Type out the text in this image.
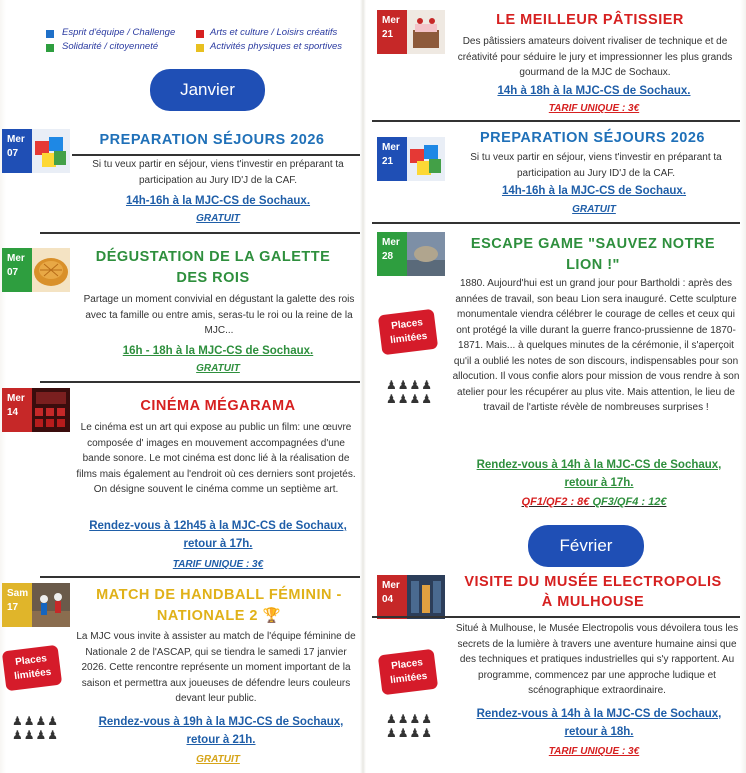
Esprit d'équipe / Challenge
Solidarité / citoyenneté
Arts et culture / Loisirs créatifs
Activités physiques et sportives
Janvier
Mer
07
PREPARATION SÉJOURS 2026
Si tu veux partir en séjour, viens t'investir en préparant ta participation au Jury ID'J de la CAF.
14h-16h à la MJC-CS de Sochaux.
GRATUIT
Mer
07
DÉGUSTATION DE LA GALETTE DES ROIS
Partage un moment convivial en dégustant la galette des rois avec ta famille ou entre amis, seras-tu le roi ou la reine de la MJC...
16h - 18h à la MJC-CS de Sochaux.
GRATUIT
Mer
14	CINÉMA MÉGARAMA
Le cinéma est un art qui expose au public un film: une œuvre composée d' images en mouvement accompagnées d'une bande sonore. Le mot cinéma est donc lié à la réalisation de films mais également au l'endroit où ces derniers sont projetés. On désigne souvent le cinéma comme un septième art.
Rendez-vous à 12h45 à la MJC-CS de Sochaux, retour à 17h.
TARIF UNIQUE : 3€
Sam
17
MATCH DE HANDBALL FÉMININ - NATIONALE 2 🏆
La MJC vous invite à assister au match de l'équipe féminine de Nationale 2 de l'ASCAP, qui se tiendra le samedi 17 janvier 2026. Cette rencontre représente un moment important de la saison et permettra aux joueuses de défendre leurs couleurs devant leur public.
Places limitées
♟♟♟♟
♟♟♟♟
Rendez-vous à 19h à la MJC-CS de Sochaux, retour à 21h.
GRATUIT
Mer
21
LE MEILLEUR PÂTISSIER
Des pâtissiers amateurs doivent rivaliser de technique et de créativité pour séduire le jury et impressionner les plus grands gourmand de la MJC de Sochaux.
14h à 18h à la MJC-CS de Sochaux.
TARIF UNIQUE : 3€
Mer
21
PREPARATION SÉJOURS 2026
Si tu veux partir en séjour, viens t'investir en préparant ta participation au Jury ID'J de la CAF.
14h-16h à la MJC-CS de Sochaux.
GRATUIT
Mer
28
ESCAPE GAME "SAUVEZ NOTRE LION !"
1880. Aujourd'hui est un grand jour pour Bartholdi : après des années de travail, son beau Lion sera inauguré. Cette sculpture monumentale viendra célébrer le courage de celles et ceux qui ont protégé la ville durant la guerre franco-prussienne de 1870-1871. Mais... à quelques minutes de la cérémonie, il s'aperçoit qu'il a oublié les notes de son discours, indispensables pour son allocution. Il vous confie alors pour mission de vous rendre à son atelier pour les récupérer au plus vite. Mais attention, le lieu de travail de l'artiste révèle de nombreuses surprises !
Places limitées
♟♟♟♟
♟♟♟♟
Rendez-vous à 14h à la MJC-CS de Sochaux, retour à 17h.
QF1/QF2 : 8€ QF3/QF4 : 12€
Février
Mer
04
VISITE DU MUSÉE ELECTROPOLIS À MULHOUSE
Situé à Mulhouse, le Musée Electropolis vous dévoilera tous les secrets de la lumière à travers une aventure humaine ainsi que des techniques et pratiques industrielles qui s'y rapportent. Au programme, commencez par une approche ludique et scénographique extraordinaire.
Places limitées
♟♟♟♟
♟♟♟♟
Rendez-vous à 14h à la MJC-CS de Sochaux, retour à 18h.
TARIF UNIQUE : 3€
